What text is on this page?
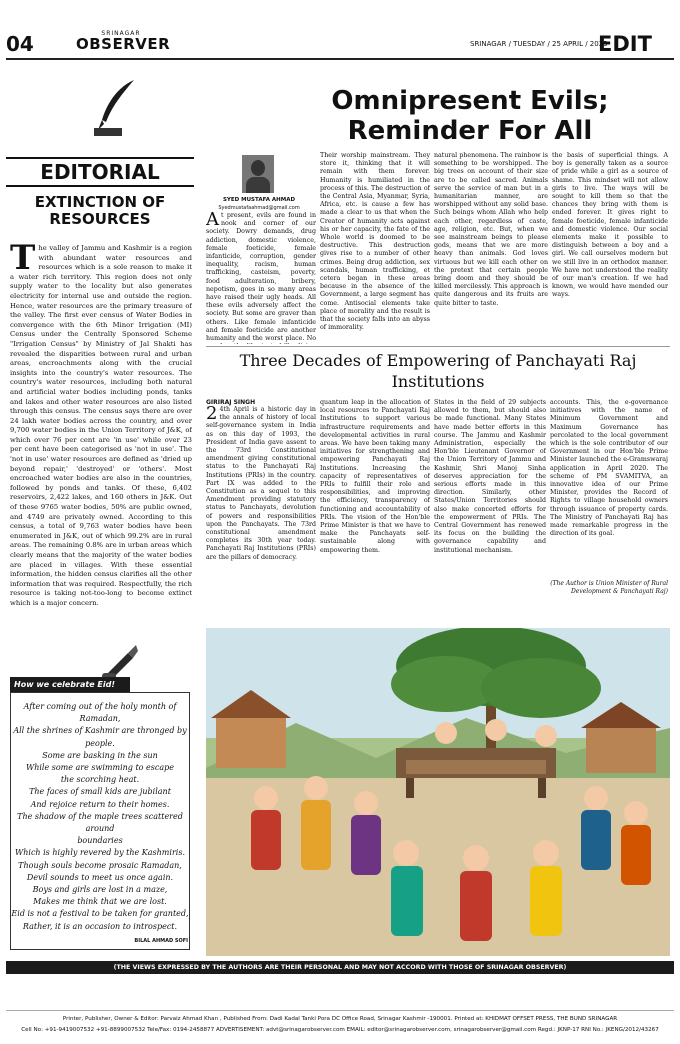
04	SRINAGAR
OBSERVER	SRINAGAR / TUESDAY / 25 APRIL / 2023
EDIT
EDITORIAL
EXTINCTION OF RESOURCES
The valley of Jammu and Kashmir is a region with abundant water resources and resources which is a sole reason to make it a water rich territory. This region does not only supply water to the locality but also generates electricity for internal use and outside the region. Hence, water resources are the primary treasure of the valley. The first ever census of Water Bodies in convergence with the 6th Minor Irrigation (MI) Census under the Centrally Sponsored Scheme "Irrigation Census" by Ministry of Jal Shakti has revealed the disparities between rural and urban areas, encroachments along with the crucial insights into the country's water resources. The country's water resources, including both natural and artificial water bodies including ponds, tanks and lakes and other water resources are also listed through this census. The census says there are over 24 lakh water bodies across the country, and over 9,700 water bodies in the Union Territory of J&K, of which over 76 per cent are 'in use' while over 23 per cent have been categorised as 'not in use'. The 'not in use' water resources are defined as 'dried up beyond repair,' 'destroyed' or 'others'. Most encroached water bodies are also in the countries, followed by ponds and tanks. Of these, 6,402 reservoirs, 2,422 lakes, and 160 others in J&K. Out of these 9765 water bodies, 50% are public owned, and 4749 are privately owned. According to this census, a total of 9,763 water bodies have been enumerated in J&K, out of which 99.2% are in rural areas. The remaining 0.8% are in urban areas which clearly means that the majority of the water bodies are placed in villages. With these essential information, the hidden census clarifies all the other information that was required. Respectfully, the rich resource is taking not-too-long to become extinct which is a major concern.
How we celebrate Eid!
After coming out of the holy month of Ramadan,
All the shrines of Kashmir are thronged by people.
Some are basking in the sun
While some are swimming to escape
the scorching heat.
The faces of small kids are jubilant
And rejoice return to their homes.
The shadow of the maple trees scattered around
boundaries
Which is highly revered by the Kashmiris.
Though souls become prosaic Ramadan,
Devil sounds to meet us once again.
Boys and girls are lost in a maze,
Makes me think that we are lost.
Eid is not a festival to be taken for granted,
Rather, it is an occasion to introspect.
BILAL AHMAD SOFI
Omnipresent Evils; Reminder For All
SYED MUSTAFA AHMAD
Syedmustafaahmad@gmail.com
At present, evils are found in nook and corner of our society. Dowry demands, drug addiction, domestic violence, female foeticide, female infanticide, corruption, gender inequality, racism, human trafficking, casteism, poverty, food adulteration, bribery, nepotism, goes in so many areas have raised their ugly heads. All these evils adversely affect the society. But some are graver than others. Like female infanticide and female foeticide are another humanity and the worst place. No
Their worship mainstream. They store it, thinking that it will remain with them forever. Humanity is humiliated in the process of this. The destruction of the Central Asia, Myanmar, Syria, Africa, etc. is cause a few has made a clear to us that when the Creator of humanity acts against his or her capacity, the fate of the Whole world is doomed to be destructive. This destruction gives rise to a number of other crimes. Being drug addiction, sex scandals, human trafficking, et cetera began in these areas because in the absence of the Government, a large segment has come. Antisocial elements take place of morality and the result is that the society falls into an abyss of immorality.
natural phenomena. The rainbow is something to be worshipped. The big trees on account of their size are to be called sacred. Animals serve the service of man but in a humanitarian manner, are worshipped without any solid base. Such beings whom Allah who help each other, regardless of caste, age, religion, etc. But, when we see mainstream beings to please gods, means that we are more heavy than animals. God loves virtuous but we kill each other on the pretext that certain people bring doom and they should be killed mercilessly. This approach is quite dangerous and its fruits are quite bitter to taste.
the basis of superficial things. A boy is generally taken as a source of pride while a girl as a source of shame. This mindset will not allow girls to live. The ways will be sought to kill them so that the chances they bring with them is ended forever. It gives right to female foeticide, female infanticide and domestic violence. Our social elements make it possible to distinguish between a boy and a girl. We call ourselves modern but we still live in an orthodox manner. We have not understood the reality of our man's creation. If we had known, we would have mended our ways.
Three Decades of Empowering of Panchayati Raj Institutions
GIRIRAJ SINGH
2 4th April is a historic day in the annals of history of local self-governance system in India as on this day of 1993, the President of India gave assent to the 73rd Constitutional amendment giving constitutional status to the Panchayati Raj Institutions (PRIs) in the country. Part IX was added to the Constitution as a sequel to this Amendment providing statutory status to Panchayats, devolution of powers and responsibilities upon the Panchayats. The 73rd constitutional amendment completes its 30th year today. Panchayati Raj Institutions (PRIs) are the pillars of democracy.
quantum leap in the allocation of local resources to Panchayati Raj Institutions to support various infrastructure requirements and developmental activities in rural areas. We have been taking many initiatives for strengthening and empowering Panchayati Raj Institutions. Increasing the capacity of representatives of PRIs to fulfill their role and responsibilities, and improving the efficiency, transparency of functioning and accountability of PRIs. The vision of the Hon'ble Prime Minister is that we have to make the Panchayats self-sustainable along with empowering them.
States in the field of 29 subjects allowed to them, but should also be made functional. Many States have made better efforts in this course. The Jammu and Kashmir Administration, especially the Hon'ble Lieutenant Governor of the Union Territory of Jammu and Kashmir, Shri Manoj Sinha deserves appreciation for the serious efforts made in this direction. Similarly, other States/Union Territories should also make concerted efforts for the empowerment of PRIs. The Central Government has renewed its focus on the building the governance capability and institutional mechanism.
accounts. This, the e-governance initiatives with the name of Minimum Government and Maximum Governance has percolated to the local government which is the sole contributor of our Government in our Hon'ble Prime Minister launched the e-Gramswaraj application in April 2020. The scheme of PM SVAMITVA, an innovative idea of our Prime Minister, provides the Record of Rights to village household owners through issuance of property cards. The Ministry of Panchayati Raj has made remarkable progress in the direction of its goal.
(The Author is Union Minister of Rural Development & Panchayati Raj)
(THE VIEWS EXPRESSED BY THE AUTHORS ARE THEIR PERSONAL AND MAY NOT ACCORD WITH THOSE OF SRINAGAR OBSERVER)
Printer, Publisher, Owner & Editor: Parvaiz Ahmad Khan , Published From: Dadi Kadal Tanki Pora DC Office Road, Srinagar Kashmir -190001. Printed at: KHIDMAT OFFSET PRESS, THE BUND SRINAGAR
Cell No: +91-9419007532 +91-8899007532 Tele/Fax: 0194-2458877 ADVERTISEMENT: advt@srinagarobserver.com EMAIL: editor@srinagarobserver.com, srinagarobserver@gmail.com Regd.: JKNP-17 RNI No.: JKENG/2012/43267
